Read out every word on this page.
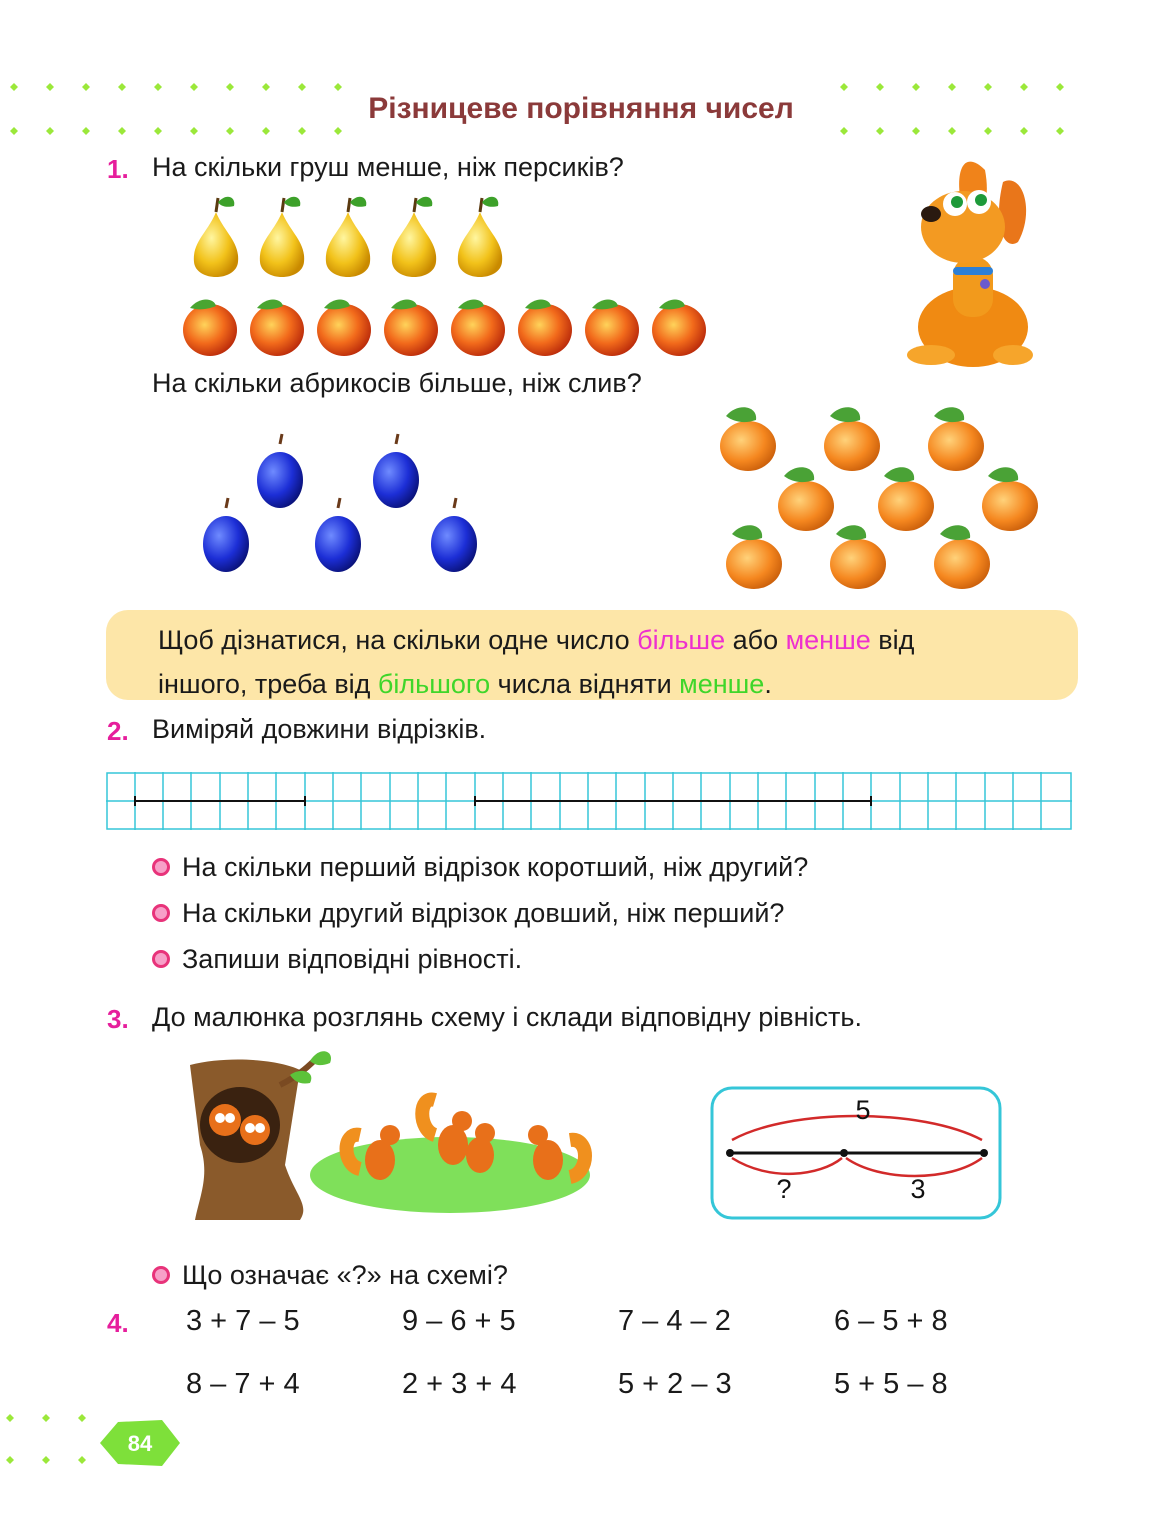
Різницеве порівняння чисел
1. На скільки груш менше, ніж персиків?
На скільки абрикосів більше, ніж слив?
Щоб дізнатися, на скільки одне число більше або менше від
іншого, треба від більшого числа відняти менше.
2. Виміряй довжини відрізків.
На скільки перший відрізок коротший, ніж другий?
На скільки другий відрізок довший, ніж перший?
Запиши відповідні рівності.
3. До малюнка розглянь схему і склади відповідну рівність.
5
?	3
Що означає «?» на схемі?
4. 3 + 7 – 5	9 – 6 + 5	7 – 4 – 2	6 – 5 + 8
8 – 7 + 4	2 + 3 + 4	5 + 2 – 3	5 + 5 – 8
84
